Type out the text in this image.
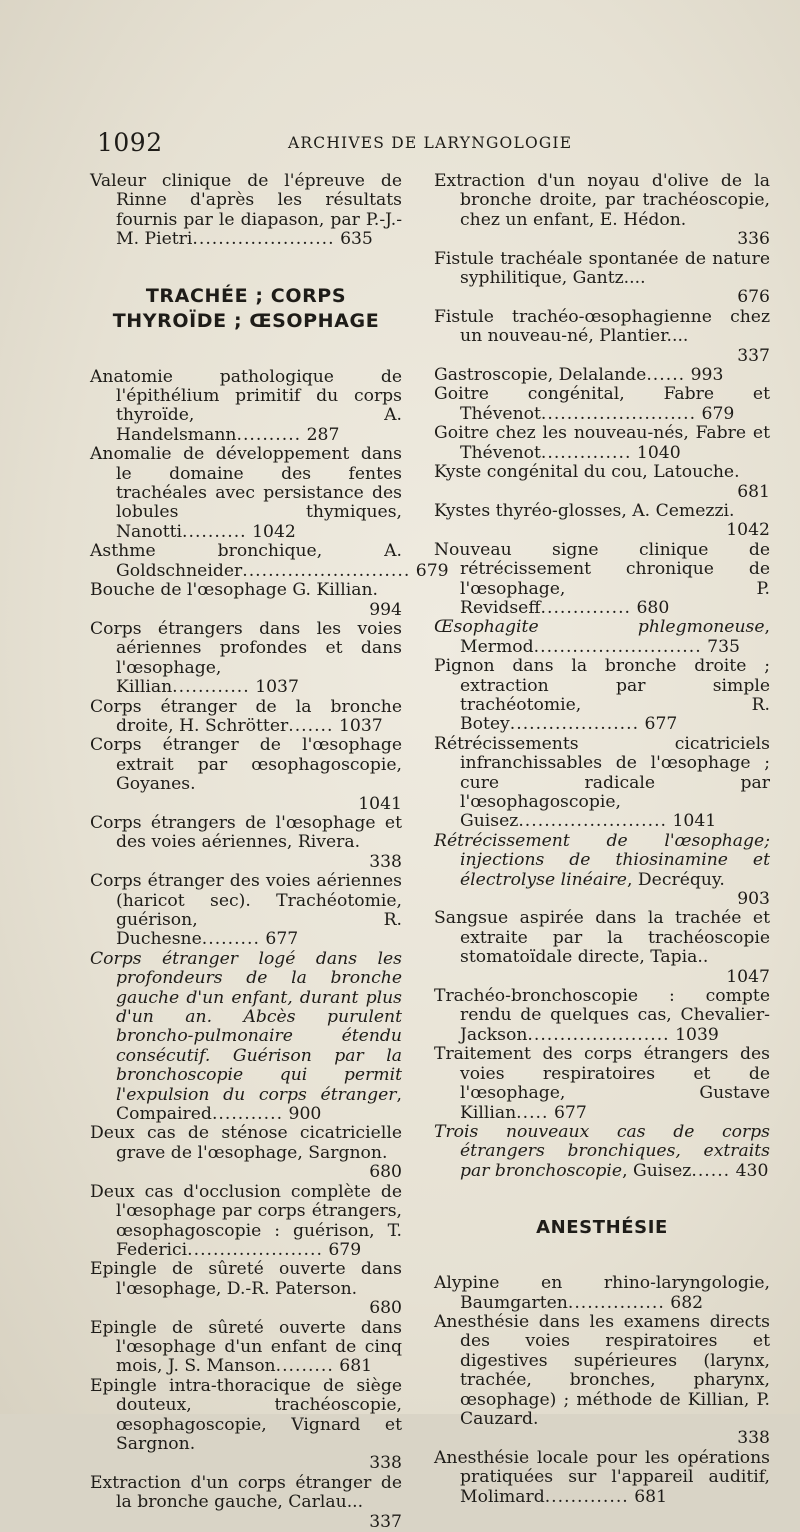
1092	ARCHIVES DE LARYNGOLOGIE

Valeur clinique de l'épreuve de Rinne d'après les résultats fournis par le diapason, par P.-J.-M. Pietri...................... 635

TRACHÉE ; CORPS
THYROÏDE ; ŒSOPHAGE

Anatomie pathologique de l'épithélium primitif du corps thyroïde, A. Handelsmann.......... 287

Anomalie de développement dans le domaine des fentes trachéales avec persistance des lobules thymiques, Nanotti.......... 1042

Asthme bronchique, A. Goldschneider.......................... 679

Bouche de l'œsophage G. Killian.
994

Corps étrangers dans les voies aériennes profondes et dans l'œsophage, Killian............ 1037

Corps étranger de la bronche droite, H. Schrötter....... 1037

Corps étranger de l'œsophage extrait par œsophagoscopie, Goyanes.
1041

Corps étrangers de l'œsophage et des voies aériennes, Rivera.
338

Corps étranger des voies aériennes (haricot sec). Trachéotomie, guérison, R. Duchesne......... 677

Corps étranger logé dans les profondeurs de la bronche gauche d'un enfant, durant plus d'un an. Abcès purulent broncho-pulmonaire étendu consécutif. Guérison par la bronchoscopie qui permit l'expulsion du corps étranger, Compaired........... 900

Deux cas de sténose cicatricielle grave de l'œsophage, Sargnon.
680

Deux cas d'occlusion complète de l'œsophage par corps étrangers, œsophagoscopie : guérison, T. Federici..................... 679

Epingle de sûreté ouverte dans l'œsophage, D.-R. Paterson.
680

Epingle de sûreté ouverte dans l'œsophage d'un enfant de cinq mois, J. S. Manson......... 681

Epingle intra-thoracique de siège douteux, trachéoscopie, œsophagoscopie, Vignard et Sargnon.
338

Extraction d'un corps étranger de la bronche gauche, Carlau...
337

Extraction d'un noyau d'olive de la bronche droite, par trachéoscopie, chez un enfant, E. Hédon.
336

Fistule trachéale spontanée de nature syphilitique, Gantz....
676

Fistule trachéo-œsophagienne chez un nouveau-né, Plantier....
337

Gastroscopie, Delalande...... 993

Goitre congénital, Fabre et Thévenot........................ 679

Goitre chez les nouveau-nés, Fabre et Thévenot.............. 1040

Kyste congénital du cou, Latouche.
681

Kystes thyréo-glosses, A. Cemezzi.
1042

Nouveau signe clinique de rétrécissement chronique de l'œsophage, P. Revidseff.............. 680

Œsophagite phlegmoneuse, Mermod.......................... 735

Pignon dans la bronche droite ; extraction par simple trachéotomie, R. Botey.................... 677

Rétrécissements cicatriciels infranchissables de l'œsophage ; cure radicale par l'œsophagoscopie, Guisez....................... 1041

Rétrécissement de l'œsophage; injections de thiosinamine et électrolyse linéaire, Decréquy.
903

Sangsue aspirée dans la trachée et extraite par la trachéoscopie stomatoïdale directe, Tapia..
1047

Trachéo-bronchoscopie : compte rendu de quelques cas, Chevalier-Jackson...................... 1039

Traitement des corps étrangers des voies respiratoires et de l'œsophage, Gustave Killian..... 677

Trois nouveaux cas de corps étrangers bronchiques, extraits par bronchoscopie, Guisez...... 430

ANESTHÉSIE

Alypine en rhino-laryngologie, Baumgarten............... 682

Anesthésie dans les examens directs des voies respiratoires et digestives supérieures (larynx, trachée, bronches, pharynx, œsophage) ; méthode de Killian, P. Cauzard.
338

Anesthésie locale pour les opérations pratiquées sur l'appareil auditif, Molimard............. 681
